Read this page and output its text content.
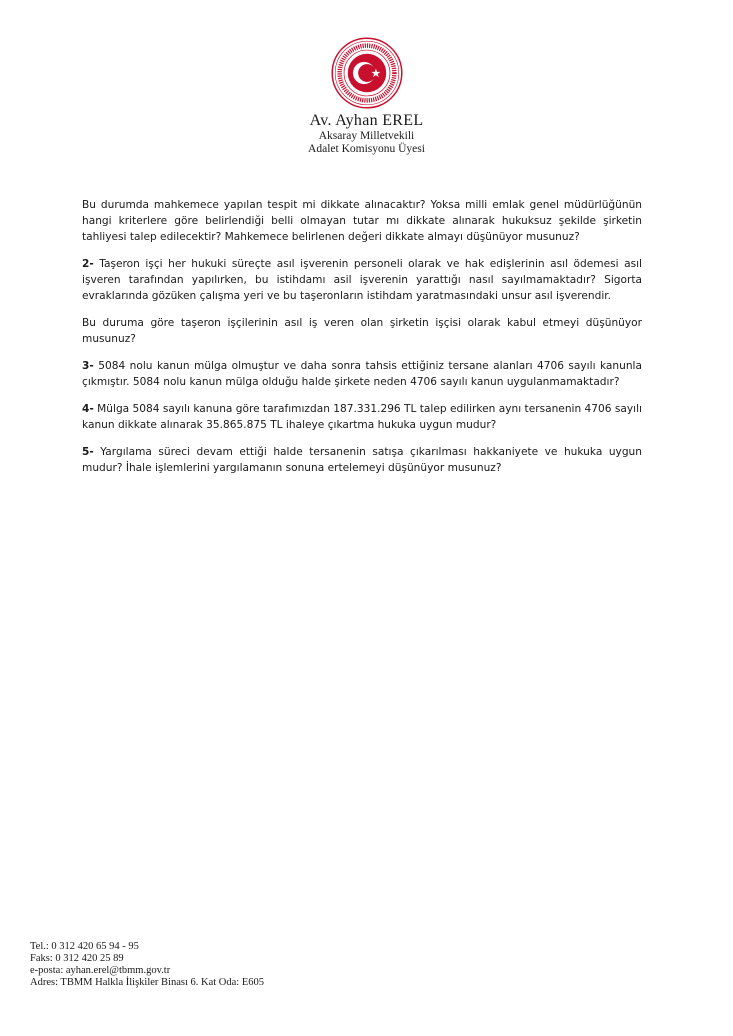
Av. Ayhan EREL
Aksaray Milletvekili
Adalet Komisyonu Üyesi

Bu durumda mahkemece yapılan tespit mi dikkate alınacaktır? Yoksa milli emlak genel müdürlüğünün hangi kriterlere göre belirlendiği belli olmayan tutar mı dikkate alınarak hukuksuz şekilde şirketin tahliyesi talep edilecektir? Mahkemece belirlenen değeri dikkate almayı düşünüyor musunuz?

2- Taşeron işçi her hukuki süreçte asıl işverenin personeli olarak ve hak edişlerinin asıl ödemesi asıl işveren tarafından yapılırken, bu istihdamı asil işverenin yarattığı nasıl sayılmamaktadır? Sigorta evraklarında gözüken çalışma yeri ve bu taşeronların istihdam yaratmasındaki unsur asıl işverendir.

Bu duruma göre taşeron işçilerinin asıl iş veren olan şirketin işçisi olarak kabul etmeyi düşünüyor musunuz?

3- 5084 nolu kanun mülga olmuştur ve daha sonra tahsis ettiğiniz tersane alanları 4706 sayılı kanunla çıkmıştır. 5084 nolu kanun mülga olduğu halde şirkete neden 4706 sayılı kanun uygulanmamaktadır?

4- Mülga 5084 sayılı kanuna göre tarafımızdan 187.331.296 TL talep edilirken aynı tersanenin 4706 sayılı kanun dikkate alınarak 35.865.875 TL ihaleye çıkartma hukuka uygun mudur?

5- Yargılama süreci devam ettiği halde tersanenin satışa çıkarılması hakkaniyete ve hukuka uygun mudur? İhale işlemlerini yargılamanın sonuna ertelemeyi düşünüyor musunuz?

Tel.: 0 312 420 65 94 - 95
Faks: 0 312 420 25 89
e-posta: ayhan.erel@tbmm.gov.tr
Adres: TBMM Halkla İlişkiler Binası 6. Kat Oda: E605
